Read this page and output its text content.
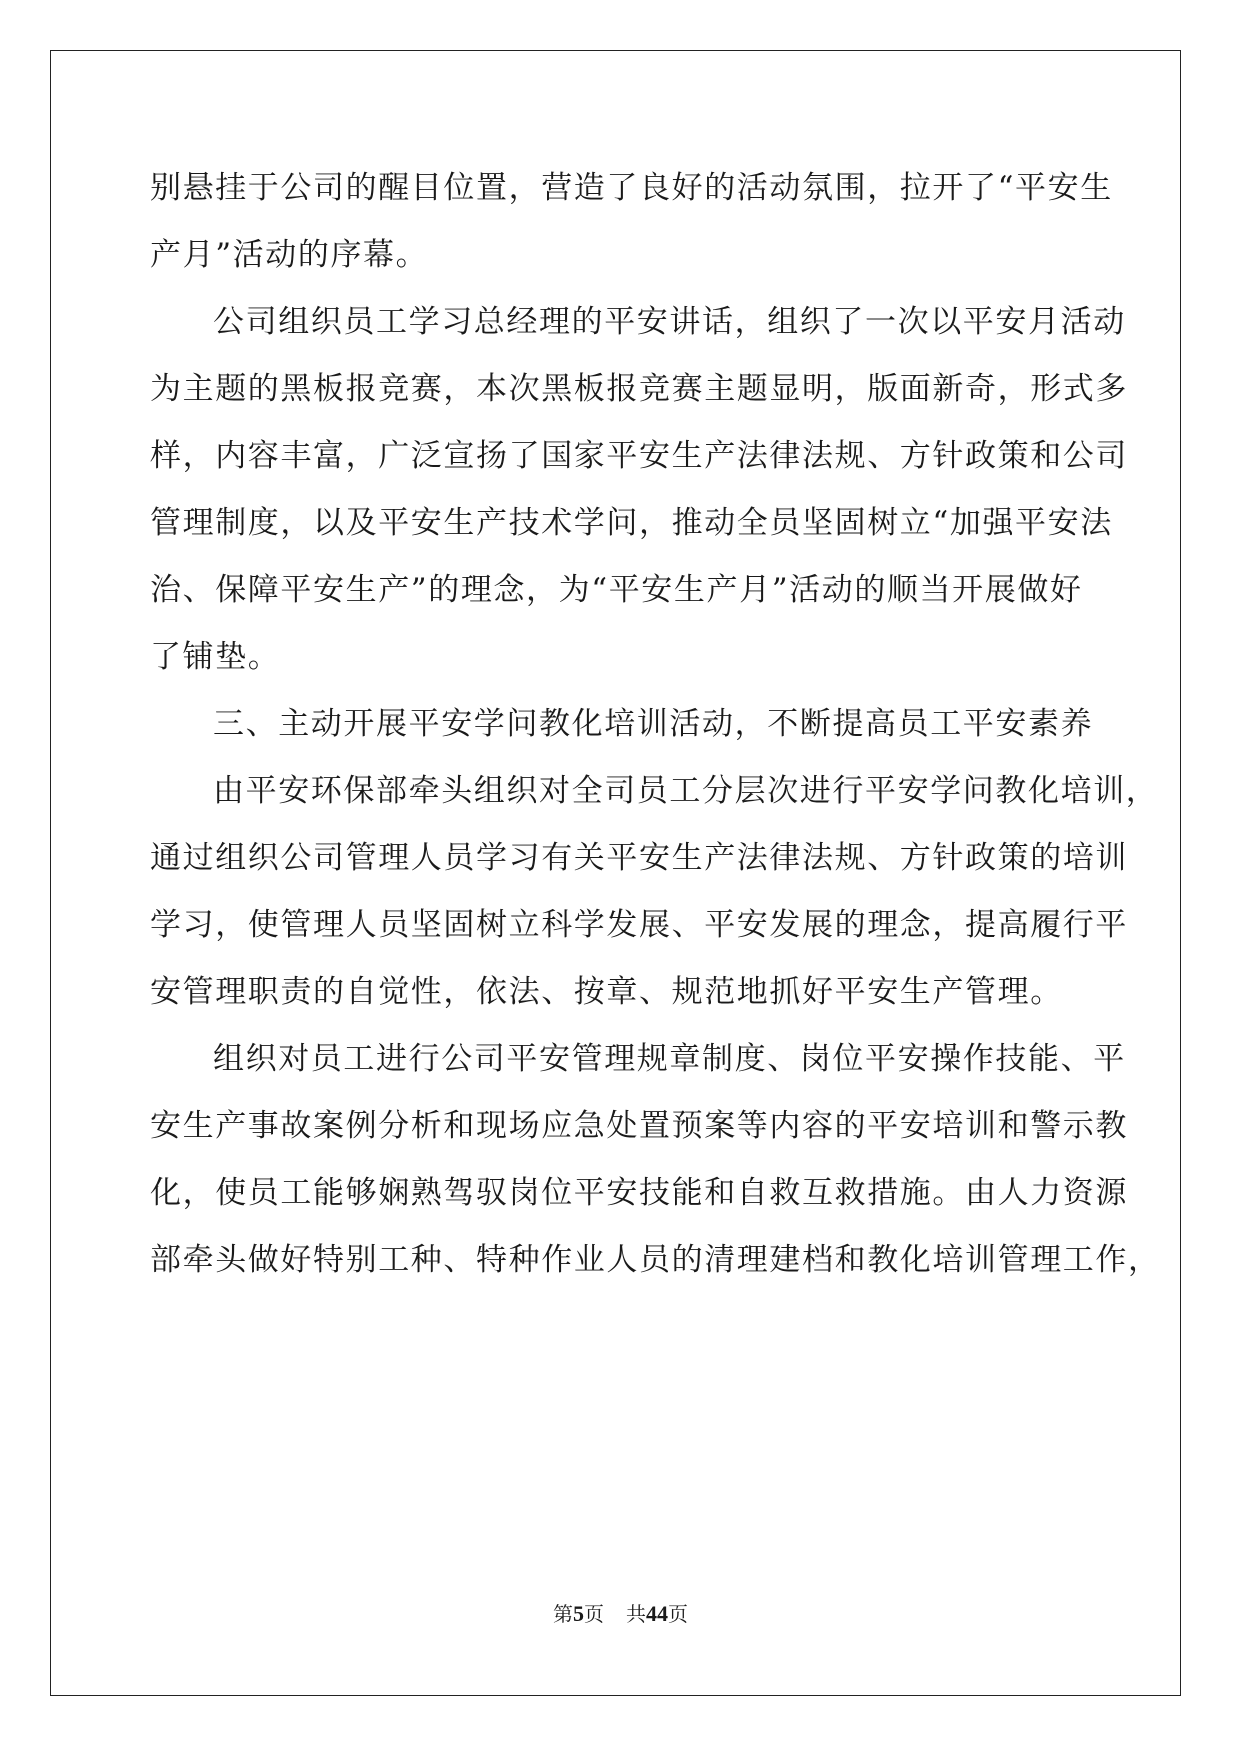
别悬挂于公司的醒目位置，营造了良好的活动氛围，拉开了“平安生
产月”活动的序幕。
公司组织员工学习总经理的平安讲话，组织了一次以平安月活动
为主题的黑板报竞赛，本次黑板报竞赛主题显明，版面新奇，形式多
样，内容丰富，广泛宣扬了国家平安生产法律法规、方针政策和公司
管理制度，以及平安生产技术学问，推动全员坚固树立“加强平安法
治、保障平安生产”的理念，为“平安生产月”活动的顺当开展做好
了铺垫。
三、主动开展平安学问教化培训活动，不断提高员工平安素养
由平安环保部牵头组织对全司员工分层次进行平安学问教化培训，
通过组织公司管理人员学习有关平安生产法律法规、方针政策的培训
学习，使管理人员坚固树立科学发展、平安发展的理念，提高履行平
安管理职责的自觉性，依法、按章、规范地抓好平安生产管理。
组织对员工进行公司平安管理规章制度、岗位平安操作技能、平
安生产事故案例分析和现场应急处置预案等内容的平安培训和警示教
化，使员工能够娴熟驾驭岗位平安技能和自救互救措施。由人力资源
部牵头做好特别工种、特种作业人员的清理建档和教化培训管理工作，
第5页 共44页
